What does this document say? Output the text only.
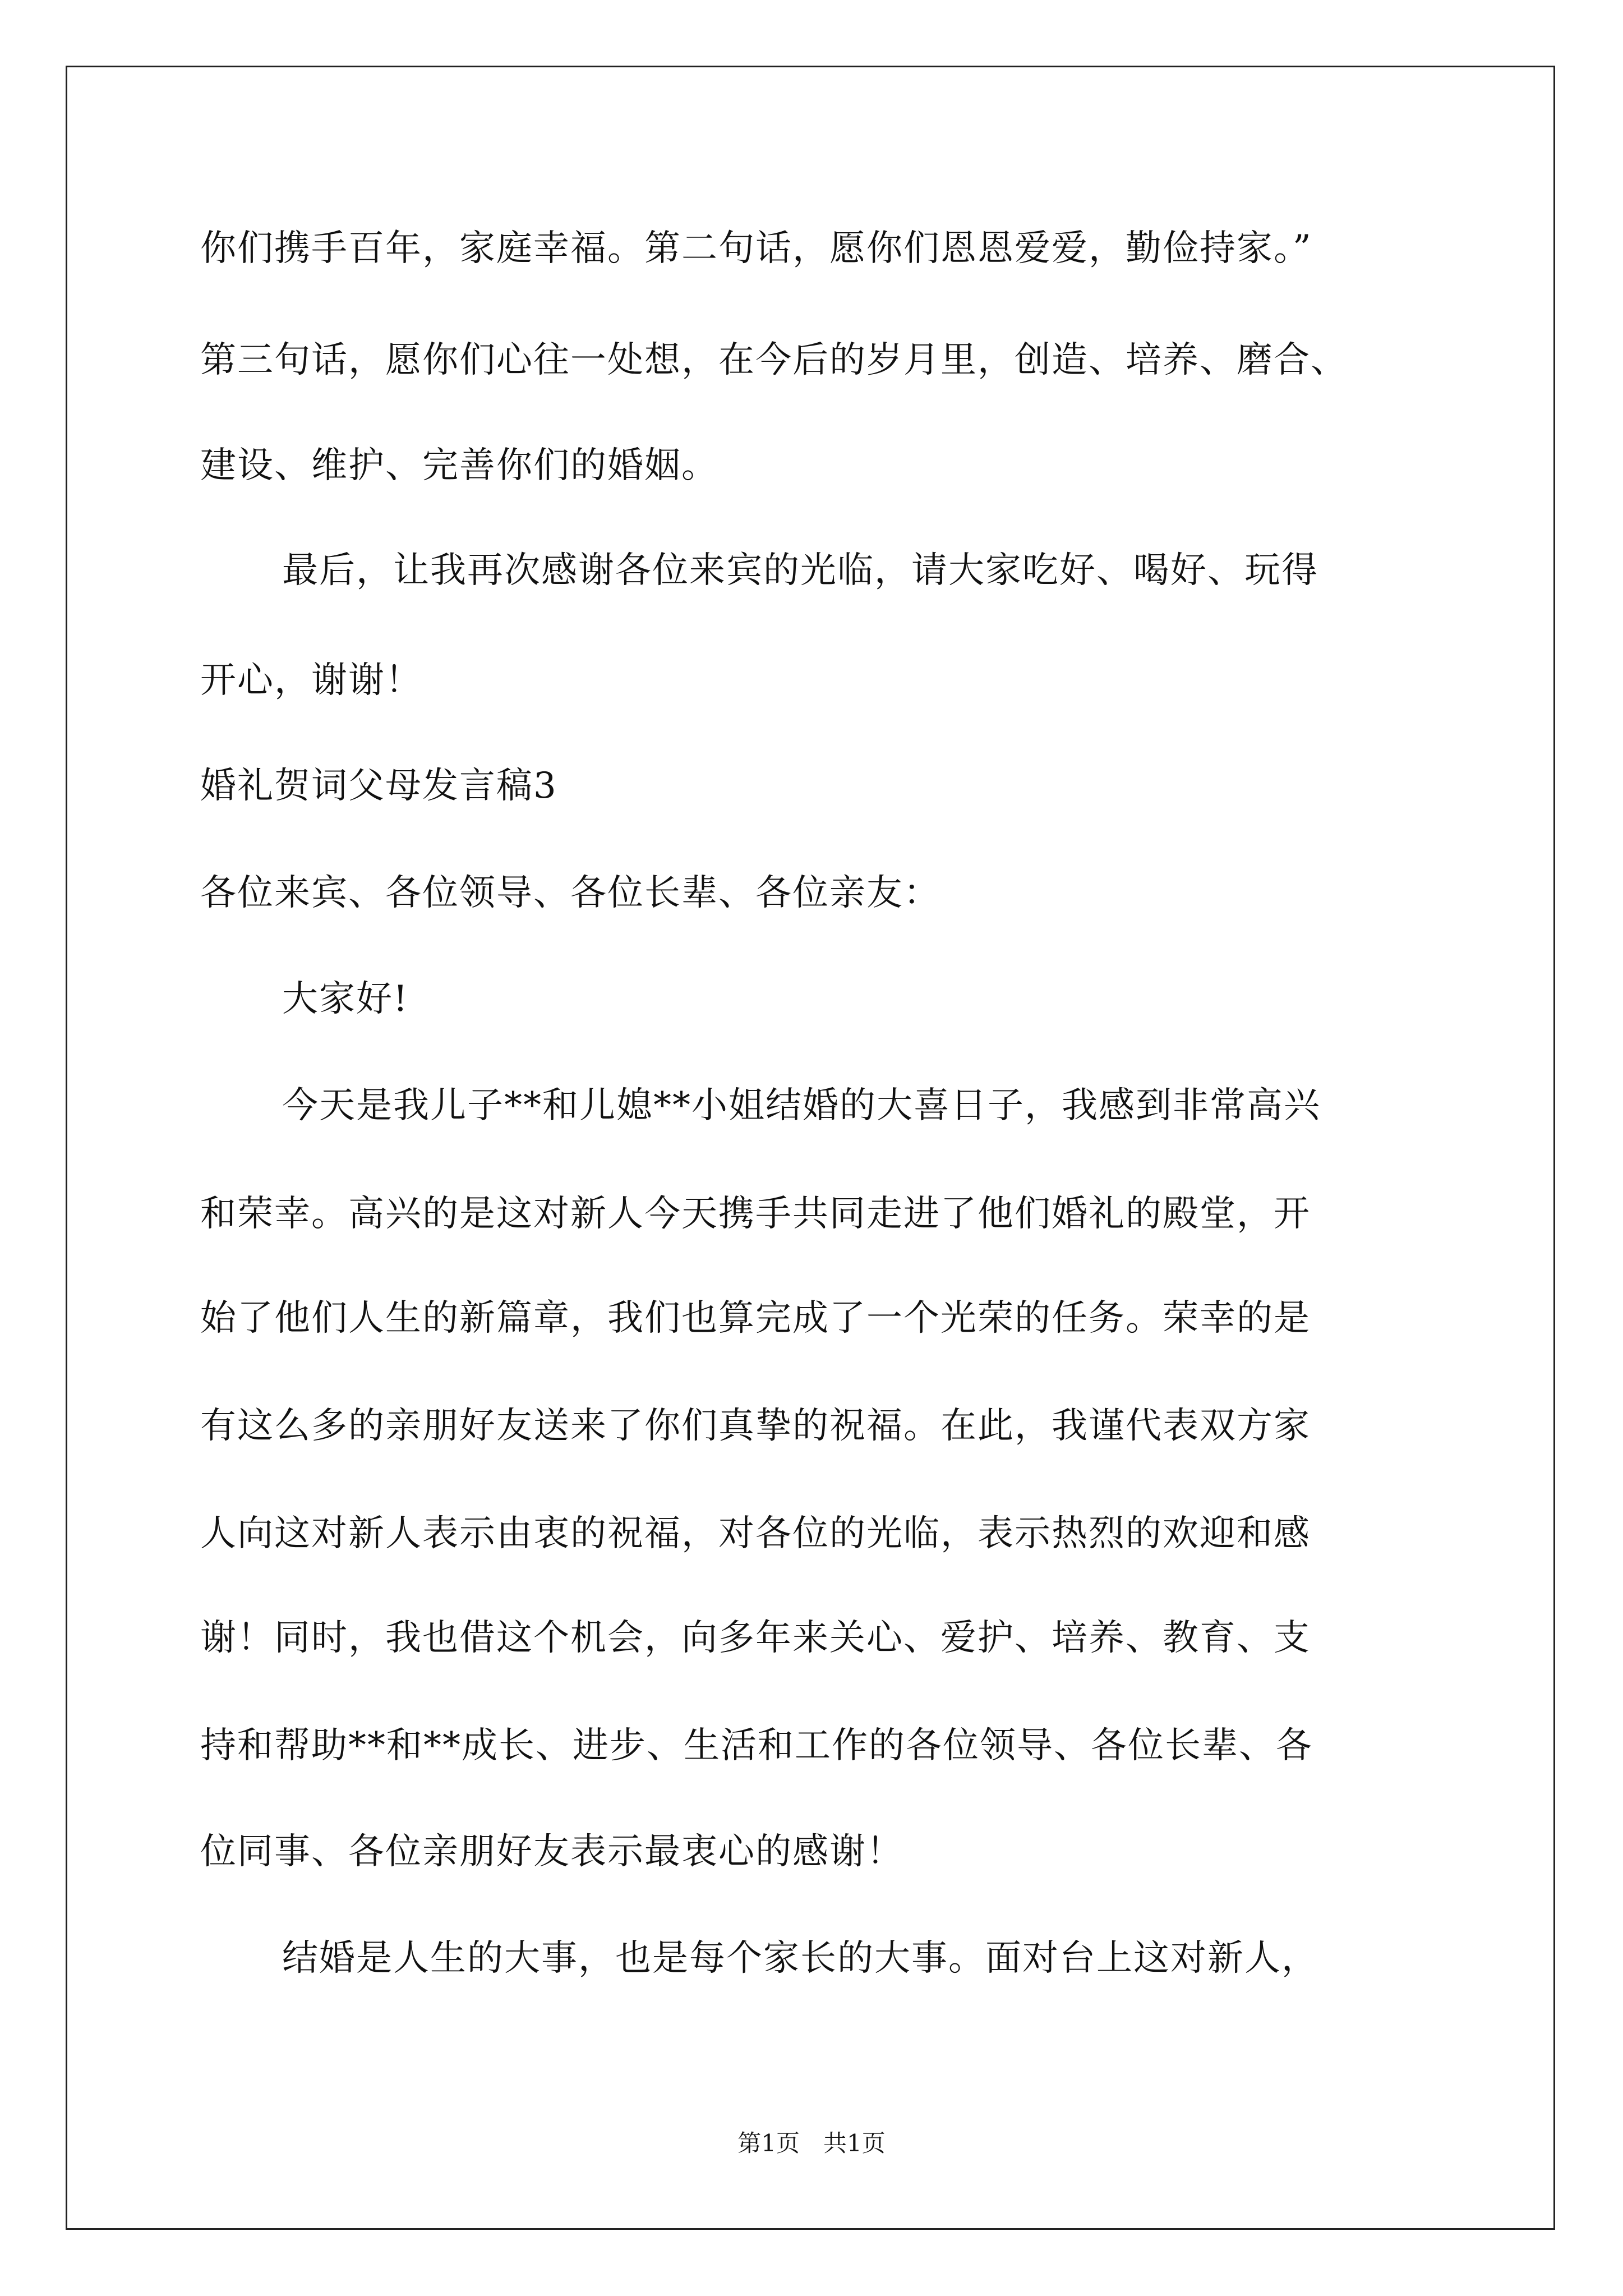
你们携手百年，家庭幸福。第二句话，愿你们恩恩爱爱，勤俭持家。”
第三句话，愿你们心往一处想，在今后的岁月里，创造、培养、磨合、
建设、维护、完善你们的婚姻。
最后，让我再次感谢各位来宾的光临，请大家吃好、喝好、玩得
开心，谢谢！
婚礼贺词父母发言稿3
各位来宾、各位领导、各位长辈、各位亲友：
大家好!
今天是我儿子**和儿媳**小姐结婚的大喜日子，我感到非常高兴
和荣幸。高兴的是这对新人今天携手共同走进了他们婚礼的殿堂，开
始了他们人生的新篇章，我们也算完成了一个光荣的任务。荣幸的是
有这么多的亲朋好友送来了你们真挚的祝福。在此，我谨代表双方家
人向这对新人表示由衷的祝福，对各位的光临，表示热烈的欢迎和感
谢！同时，我也借这个机会，向多年来关心、爱护、培养、教育、支
持和帮助**和**成长、进步、生活和工作的各位领导、各位长辈、各
位同事、各位亲朋好友表示最衷心的感谢！
结婚是人生的大事，也是每个家长的大事。面对台上这对新人，
第1页　共1页
